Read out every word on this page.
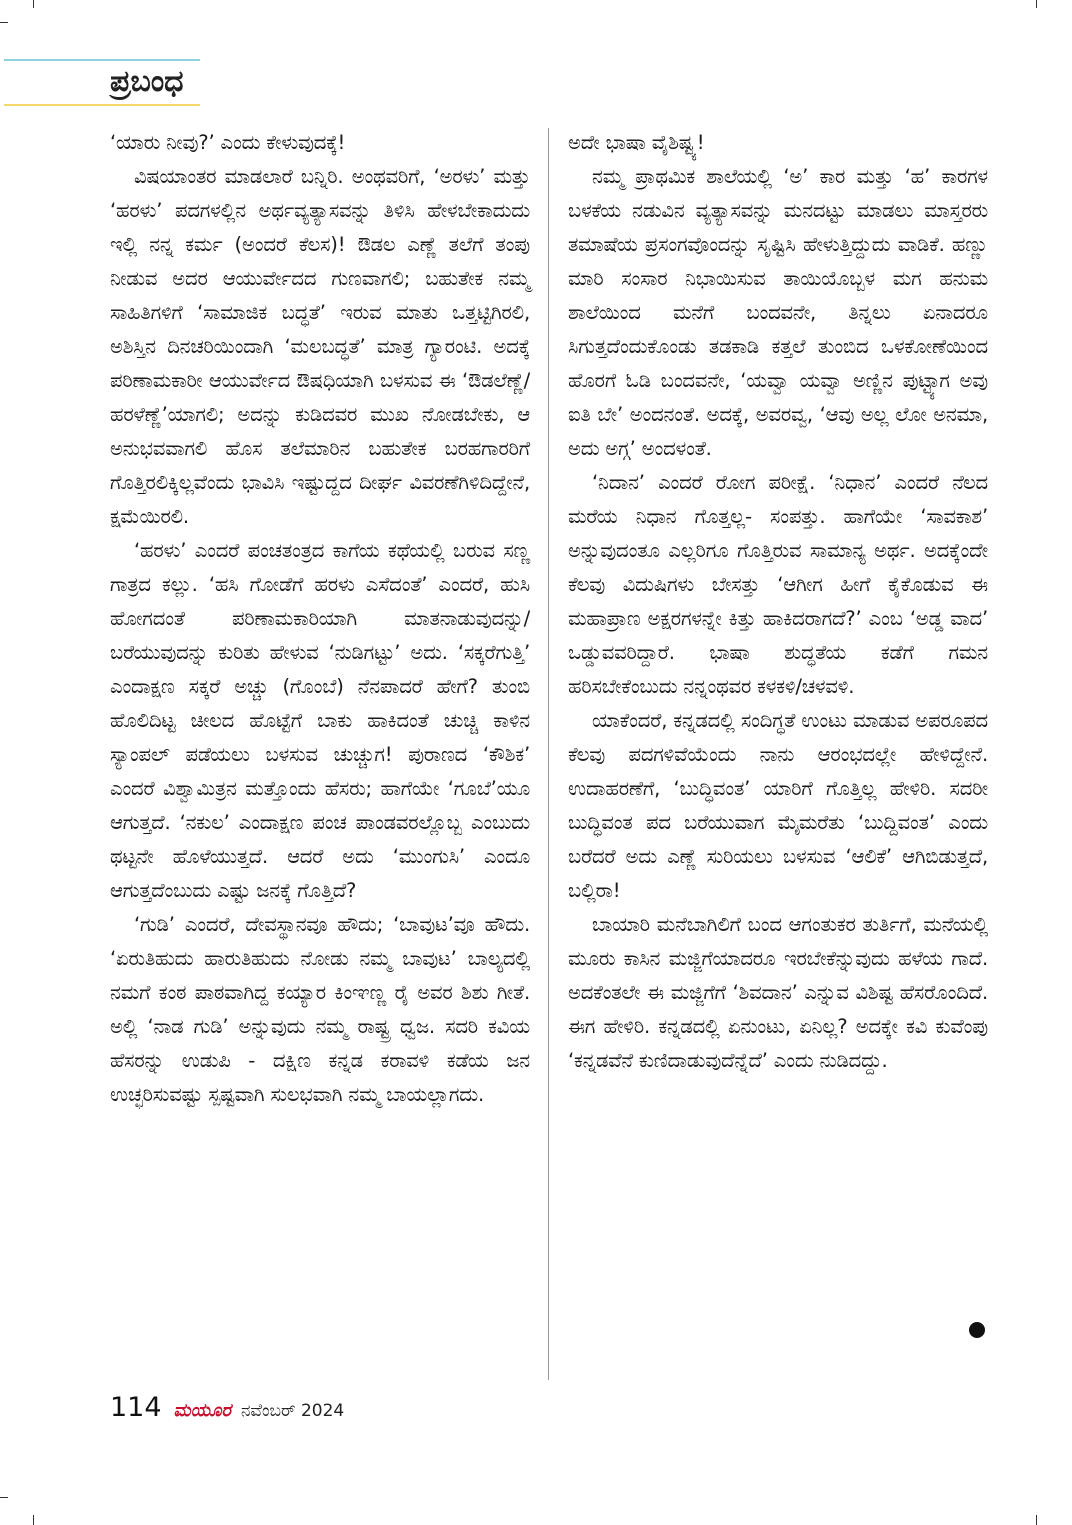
ಪ್ರಬಂಧ

‘ಯಾರು ನೀವು?’ ಎಂದು ಕೇಳುವುದಕ್ಕೆ!

ವಿಷಯಾಂತರ ಮಾಡಲಾರೆ ಬನ್ನಿರಿ. ಅಂಥವರಿಗೆ, ‘ಅರಳು’ ಮತ್ತು ‘ಹರಳು’ ಪದಗಳಲ್ಲಿನ ಅರ್ಥವ್ಯತ್ಯಾಸವನ್ನು ತಿಳಿಸಿ ಹೇಳಬೇಕಾದುದು ಇಲ್ಲಿ ನನ್ನ ಕರ್ಮ (ಅಂದರೆ ಕೆಲಸ)! ಔಡಲ ಎಣ್ಣೆ ತಲೆಗೆ ತಂಪು ನೀಡುವ ಅದರ ಆಯುರ್ವೇದದ ಗುಣವಾಗಲಿ; ಬಹುತೇಕ ನಮ್ಮ ಸಾಹಿತಿಗಳಿಗೆ ‘ಸಾಮಾಜಿಕ ಬದ್ಧತೆ’ ಇರುವ ಮಾತು ಒತ್ತಟ್ಟಿಗಿರಲಿ, ಅಶಿಸ್ತಿನ ದಿನಚರಿಯಿಂದಾಗಿ ‘ಮಲಬದ್ಧತೆ’ ಮಾತ್ರ ಗ್ಯಾರಂಟಿ. ಅದಕ್ಕೆ ಪರಿಣಾಮಕಾರೀ ಆಯುರ್ವೇದ ಔಷಧಿಯಾಗಿ ಬಳಸುವ ಈ ‘ಔಡಲೆಣ್ಣೆ/ಹರಳೆಣ್ಣೆ’ಯಾಗಲಿ; ಅದನ್ನು ಕುಡಿದವರ ಮುಖ ನೋಡಬೇಕು, ಆ ಅನುಭವವಾಗಲಿ ಹೊಸ ತಲೆಮಾರಿನ ಬಹುತೇಕ ಬರಹಗಾರರಿಗೆ ಗೊತ್ತಿರಲಿಕ್ಕಿಲ್ಲವೆಂದು ಭಾವಿಸಿ ಇಷ್ಟುದ್ದದ ದೀರ್ಘ ವಿವರಣೆಗಿಳಿದಿದ್ದೇನೆ, ಕ್ಷಮೆಯಿರಲಿ.

‘ಹರಳು’ ಎಂದರೆ ಪಂಚತಂತ್ರದ ಕಾಗೆಯ ಕಥೆಯಲ್ಲಿ ಬರುವ ಸಣ್ಣ ಗಾತ್ರದ ಕಲ್ಲು. ‘ಹಸಿ ಗೋಡೆಗೆ ಹರಳು ಎಸೆದಂತೆ’ ಎಂದರೆ, ಹುಸಿ ಹೋಗದಂತೆ ಪರಿಣಾಮಕಾರಿಯಾಗಿ ಮಾತನಾಡುವುದನ್ನು/ ಬರೆಯುವುದನ್ನು ಕುರಿತು ಹೇಳುವ ‘ನುಡಿಗಟ್ಟು’ ಅದು. ‘ಸಕ್ಕರೆಗುತ್ತಿ’ ಎಂದಾಕ್ಷಣ ಸಕ್ಕರೆ ಅಚ್ಚು (ಗೊಂಬೆ) ನೆನಪಾದರೆ ಹೇಗೆ? ತುಂಬಿ ಹೊಲಿದಿಟ್ಟ ಚೀಲದ ಹೊಟ್ಟೆಗೆ ಬಾಕು ಹಾಕಿದಂತೆ ಚುಚ್ಚಿ ಕಾಳಿನ ಸ್ಯಾಂಪಲ್ ಪಡೆಯಲು ಬಳಸುವ ಚುಚ್ಚುಗ! ಪುರಾಣದ ‘ಕೌಶಿಕ’ ಎಂದರೆ ವಿಶ್ವಾಮಿತ್ರನ ಮತ್ತೊಂದು ಹೆಸರು; ಹಾಗೆಯೇ ‘ಗೂಬೆ’ಯೂ ಆಗುತ್ತದೆ. ‘ನಕುಲ’ ಎಂದಾಕ್ಷಣ ಪಂಚ ಪಾಂಡವರಲ್ಲೊಬ್ಬ ಎಂಬುದು ಥಟ್ಟನೇ ಹೊಳೆಯುತ್ತದೆ. ಆದರೆ ಅದು ‘ಮುಂಗುಸಿ’ ಎಂದೂ ಆಗುತ್ತದೆಂಬುದು ಎಷ್ಟು ಜನಕ್ಕೆ ಗೊತ್ತಿದೆ?

‘ಗುಡಿ’ ಎಂದರೆ, ದೇವಸ್ಥಾನವೂ ಹೌದು; ‘ಬಾವುಟ’ವೂ ಹೌದು. ‘ಏರುತಿಹುದು ಹಾರುತಿಹುದು ನೋಡು ನಮ್ಮ ಬಾವುಟ’ ಬಾಲ್ಯದಲ್ಲಿ ನಮಗೆ ಕಂಠ ಪಾಠವಾಗಿದ್ದ ಕಯ್ಯಾರ ಕಿಂಞಣ್ಣ ರೈ ಅವರ ಶಿಶು ಗೀತೆ. ಅಲ್ಲಿ ‘ನಾಡ ಗುಡಿ’ ಅನ್ನುವುದು ನಮ್ಮ ರಾಷ್ಟ್ರ ಧ್ವಜ. ಸದರಿ ಕವಿಯ ಹೆಸರನ್ನು ಉಡುಪಿ - ದಕ್ಷಿಣ ಕನ್ನಡ ಕರಾವಳಿ ಕಡೆಯ ಜನ ಉಚ್ಛರಿಸುವಷ್ಟು ಸ್ಪಷ್ಟವಾಗಿ ಸುಲಭವಾಗಿ ನಮ್ಮ ಬಾಯಲ್ಲಾಗದು.

ಅದೇ ಭಾಷಾ ವೈಶಿಷ್ಟ್ಯ!

ನಮ್ಮ ಪ್ರಾಥಮಿಕ ಶಾಲೆಯಲ್ಲಿ ‘ಅ’ ಕಾರ ಮತ್ತು ‘ಹ’ ಕಾರಗಳ ಬಳಕೆಯ ನಡುವಿನ ವ್ಯತ್ಯಾಸವನ್ನು ಮನದಟ್ಟು ಮಾಡಲು ಮಾಸ್ತರರು ತಮಾಷೆಯ ಪ್ರಸಂಗವೊಂದನ್ನು ಸೃಷ್ಟಿಸಿ ಹೇಳುತ್ತಿದ್ದುದು ವಾಡಿಕೆ. ಹಣ್ಣು ಮಾರಿ ಸಂಸಾರ ನಿಭಾಯಿಸುವ ತಾಯಿಯೊಬ್ಬಳ ಮಗ ಹನುಮ ಶಾಲೆಯಿಂದ ಮನೆಗೆ ಬಂದವನೇ, ತಿನ್ನಲು ಏನಾದರೂ ಸಿಗುತ್ತದೆಂದುಕೊಂಡು ತಡಕಾಡಿ ಕತ್ತಲೆ ತುಂಬಿದ ಒಳಕೋಣೆಯಿಂದ ಹೊರಗೆ ಓಡಿ ಬಂದವನೇ, ‘ಯವ್ವಾ ಯವ್ವಾ ಅಣ್ಣಿನ ಪುಟ್ಟ್ಯಾಗ ಅವು ಐತಿ ಬೇ’ ಅಂದನಂತೆ. ಅದಕ್ಕೆ, ಅವರವ್ವ, ‘ಆವು ಅಲ್ಲ ಲೋ ಅನಮಾ, ಅದು ಅಗ್ಗ’ ಅಂದಳಂತೆ.

‘ನಿದಾನ’ ಎಂದರೆ ರೋಗ ಪರೀಕ್ಷೆ. ‘ನಿಧಾನ’ ಎಂದರೆ ನೆಲದ ಮರೆಯ ನಿಧಾನ ಗೊತ್ತಲ್ಲ- ಸಂಪತ್ತು. ಹಾಗೆಯೇ ‘ಸಾವಕಾಶ’ ಅನ್ನುವುದಂತೂ ಎಲ್ಲರಿಗೂ ಗೊತ್ತಿರುವ ಸಾಮಾನ್ಯ ಅರ್ಥ. ಅದಕ್ಕೆಂದೇ ಕೆಲವು ವಿದುಷಿಗಳು ಬೇಸತ್ತು ‘ಆಗೀಗ ಹೀಗೆ ಕೈಕೊಡುವ ಈ ಮಹಾಪ್ರಾಣ ಅಕ್ಷರಗಳನ್ನೇ ಕಿತ್ತು ಹಾಕಿದರಾಗದೆ?’ ಎಂಬ ‘ಅಡ್ಡ ವಾದ’ ಒಡ್ಡುವವರಿದ್ದಾರೆ. ಭಾಷಾ ಶುದ್ಧತೆಯ ಕಡೆಗೆ ಗಮನ ಹರಿಸಬೇಕೆಂಬುದು ನನ್ನಂಥವರ ಕಳಕಳಿ/ಚಳವಳಿ.

ಯಾಕೆಂದರೆ, ಕನ್ನಡದಲ್ಲಿ ಸಂದಿಗ್ಧತೆ ಉಂಟು ಮಾಡುವ ಅಪರೂಪದ ಕೆಲವು ಪದಗಳಿವೆಯೆಂದು ನಾನು ಆರಂಭದಲ್ಲೇ ಹೇಳಿದ್ದೇನೆ. ಉದಾಹರಣೆಗೆ, ‘ಬುದ್ಧಿವಂತ’ ಯಾರಿಗೆ ಗೊತ್ತಿಲ್ಲ ಹೇಳಿರಿ. ಸದರೀ ಬುದ್ಧಿವಂತ ಪದ ಬರೆಯುವಾಗ ಮೈಮರೆತು ‘ಬುದ್ದಿವಂತ’ ಎಂದು ಬರೆದರೆ ಅದು ಎಣ್ಣೆ ಸುರಿಯಲು ಬಳಸುವ ‘ಆಲಿಕೆ’ ಆಗಿಬಿಡುತ್ತದೆ, ಬಲ್ಲಿರಾ!

ಬಾಯಾರಿ ಮನೆಬಾಗಿಲಿಗೆ ಬಂದ ಆಗಂತುಕರ ತುರ್ತಿಗೆ, ಮನೆಯಲ್ಲಿ ಮೂರು ಕಾಸಿನ ಮಜ್ಜಿಗೆಯಾದರೂ ಇರಬೇಕೆನ್ನುವುದು ಹಳೆಯ ಗಾದೆ. ಅದಕೆಂತಲೇ ಈ ಮಜ್ಜಿಗೆಗೆ ‘ಶಿವದಾನ’ ಎನ್ನುವ ವಿಶಿಷ್ಟ ಹೆಸರೊಂದಿದೆ. ಈಗ ಹೇಳಿರಿ. ಕನ್ನಡದಲ್ಲಿ ಏನುಂಟು, ಏನಿಲ್ಲ? ಅದಕ್ಕೇ ಕವಿ ಕುವೆಂಪು ‘ಕನ್ನಡವೆನೆ ಕುಣಿದಾಡುವುದೆನ್ನೆದೆ’ ಎಂದು ನುಡಿದದ್ದು.

114 ಮಯೂರ ನವೆಂಬರ್ 2024
